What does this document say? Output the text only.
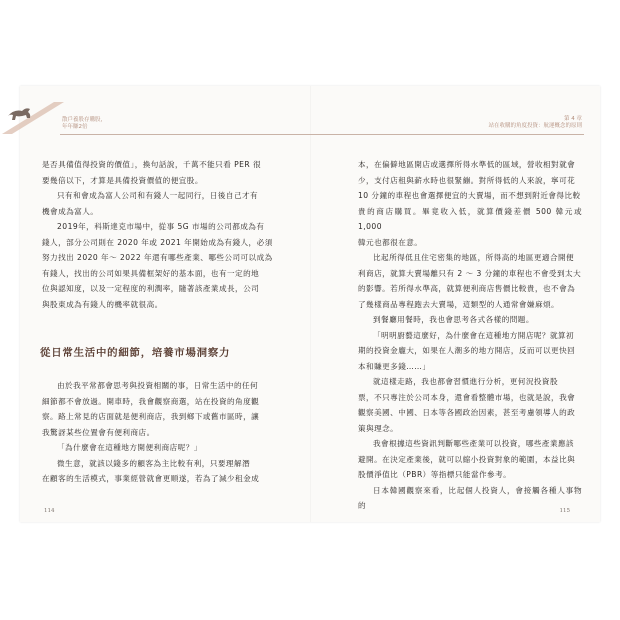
散戶養股存購股，
年年賺2倍

是否具備值得投資的價值」，換句話說，千萬不能只看 PER 很
要幾倍以下，才算是具備投資價值的便宜股。

只有和會成為富人公司和有錢人一起同行，日後自己才有
機會成為富人。

2019年，科斯達克市場中，從事 5G 市場的公司都成為有
錢人，部分公司則在 2020 年或 2021 年開始成為有錢人，必須
努力找出 2020 年～ 2022 年還有哪些產業、哪些公司可以成為
有錢人，找出的公司如果具備框架好的基本面，也有一定的地
位與認知度，以及一定程度的利潤率，隨著該產業成長，公司
與股東成為有錢人的機率就很高。

從日常生活中的細節，培養市場洞察力

由於我平常都會思考與投資相關的事，日常生活中的任何
細節都不會放過。開車時，我會觀察商選，站在投資的角度觀
察。路上常見的店面就是便利商店，我到鄉下或舊市區時，讓
我驚訝某些位置會有便利商店。

「為什麼會在這種地方開便利商店呢？」

微生意，就該以錢多的顧客為主比較有利，只要理解潛
在顧客的生活模式，事業經營就會更順遂，若為了減少租金成

114
第 4 章
站在收購的角度投資：航運概念的原則

本，在偏僻地區開店或選擇所得水準低的區域，營收相對就會
少，支付店租與薪水時也很緊繃。對所得低的人來說，寧可花
10 分鐘的車程也會選擇便宜的大賣場，而不想到附近會得比較
貴的商店購買。畢竟收入低，就算價錢差價 500 韓元或 1,000
韓元也都很在意。

比起所得低且住宅密集的地區，所得高的地區更適合開便
利商店，就算大賣場離只有 2 ～ 3 分鐘的車程也不會受到太大
的影響。若所得水準高，就算便利商店售價比較貴，也不會為
了幾樣商品專程跑去大賣場，這類型的人通常會嫌麻煩。

到餐廳用餐時，我也會思考各式各樣的問題。

「明明廚藝這麼好，為什麼會在這種地方開店呢？就算初
期的投資金龐大，如果在人潮多的地方開店，反而可以更快回
本和賺更多錢……」

就這樣走路，我也都會習慣進行分析，更何況投資股
票，不只專注於公司本身，還會看整體市場，也就是說，我會
觀察美國、中國、日本等各國政治因素，甚至考慮領導人的政
策與理念。

我會根據這些資訊判斷哪些產業可以投資，哪些產業應該
避開。在決定產業後，就可以縮小投資對象的範圍，本益比與
股價淨值比（PBR）等指標只能當作參考。

日本韓國觀察來看，比起個人投資人，會接觸各種人事物的

115
